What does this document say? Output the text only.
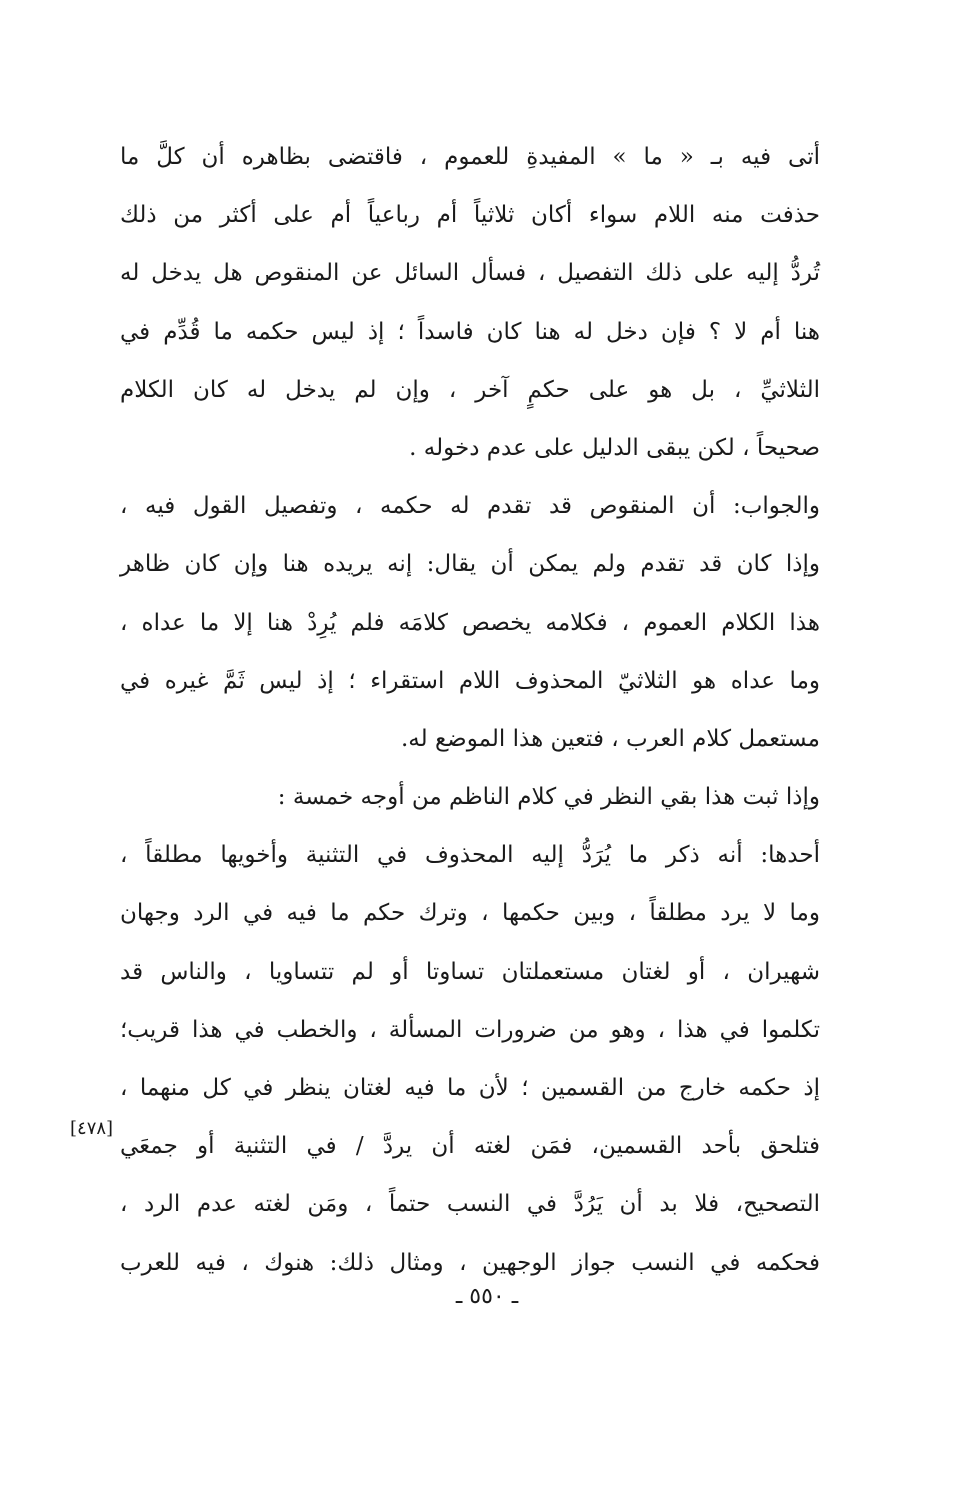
أتى فيه بـ « ما » المفيدةِ للعموم ، فاقتضى بظاهره أن كلَّ ما
حذفت منه اللام سواء أكان ثلاثياً أم رباعياً أم على أكثر من ذلك
تُردُّ إليه على ذلك التفصيل ، فسأل السائل عن المنقوص هل يدخل له
هنا أم لا ؟ فإن دخل له هنا كان فاسداً ؛ إذ ليس حكمه ما قُدِّم في
الثلاثيِّ ، بل هو على حكمٍ آخر ، وإن لم يدخل له كان الكلام
صحيحاً ، لكن يبقى الدليل على عدم دخوله .
والجواب: أن المنقوص قد تقدم له حكمه ، وتفصيل القول فيه ،
وإذا كان قد تقدم ولم يمكن أن يقال: إنه يريده هنا وإن كان ظاهر
هذا الكلام العموم ، فكلامه يخصص كلامَه فلم يُرِدْ هنا إلا ما عداه ،
وما عداه هو الثلاثيّ المحذوف اللام استقراء ؛ إذ ليس ثَمَّ غيره في
مستعمل كلام العرب ، فتعين هذا الموضع له.
وإذا ثبت هذا بقي النظر في كلام الناظم من أوجه خمسة :
أحدها: أنه ذكر ما يُرَدُّ إليه المحذوف في التثنية وأخويها مطلقاً ،
وما لا يرد مطلقاً ، وبين حكمها ، وترك حكم ما فيه في الرد وجهان
شهيران ، أو لغتان مستعملتان تساوتا أو لم تتساويا ، والناس قد
تكلموا في هذا ، وهو من ضرورات المسألة ، والخطب في هذا قريب؛
إذ حكمه خارج من القسمين ؛ لأن ما فيه لغتان ينظر في كل منهما ،
فتلحق بأحد القسمين، فمَن لغته أن يردَّ / في التثنية أو جمعَي
التصحيح، فلا بد أن يَرُدَّ في النسب حتماً ، ومَن لغته عدم الرد ،
فحكمه في النسب جواز الوجهين ، ومثال ذلك: هنوك ، فيه للعرب
[٤٧٨]
ـ ٥٥٠ ـ
